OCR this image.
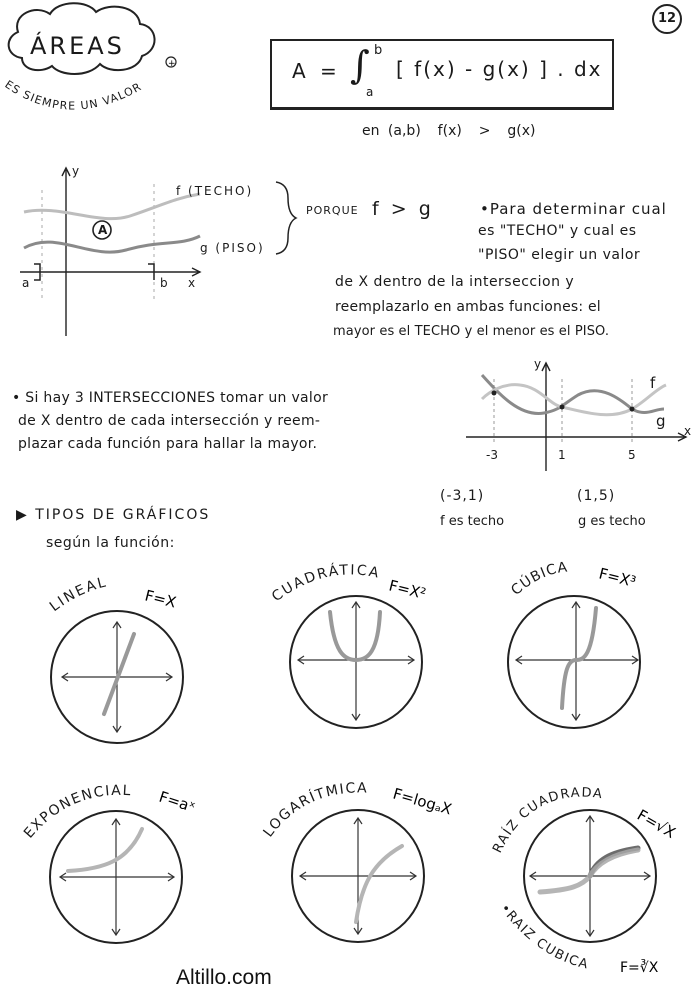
12
ÁREAS
ES SIEMPRE UN VALOR
+	A = ∫ b
a
[ f(x) - g(x) ] . dx
en (a,b)  f(x)  >  g(x)
y
x
f (TECHO)
g (PISO)
A
a	b
PORQUE f > g	•Para determinar cual
es "TECHO" y cual es
"PISO" elegir un valor
de X dentro de la interseccion y
reemplazarlo en ambas funciones: el
mayor es el TECHO y el menor es el PISO.
• Si hay 3 INTERSECCIONES tomar un valor
de X dentro de cada intersección y reem-
plazar cada función para hallar la mayor.
y
x
f
g
-3	1	5
(-3,1)
f es techo
(1,5)
g es techo
▶ TIPOS DE GRÁFICOS
según la función:
LINEAL
F=X	CUADRÁTICA
F=X²	CÚBICA F=X³
EXPONENCIAL F=aˣ
LOGARÍTMICA F=logₐX
RAÍZ CUADRADA
F=√X
•RAIZ CUBICA F=∛X
Altillo.com
